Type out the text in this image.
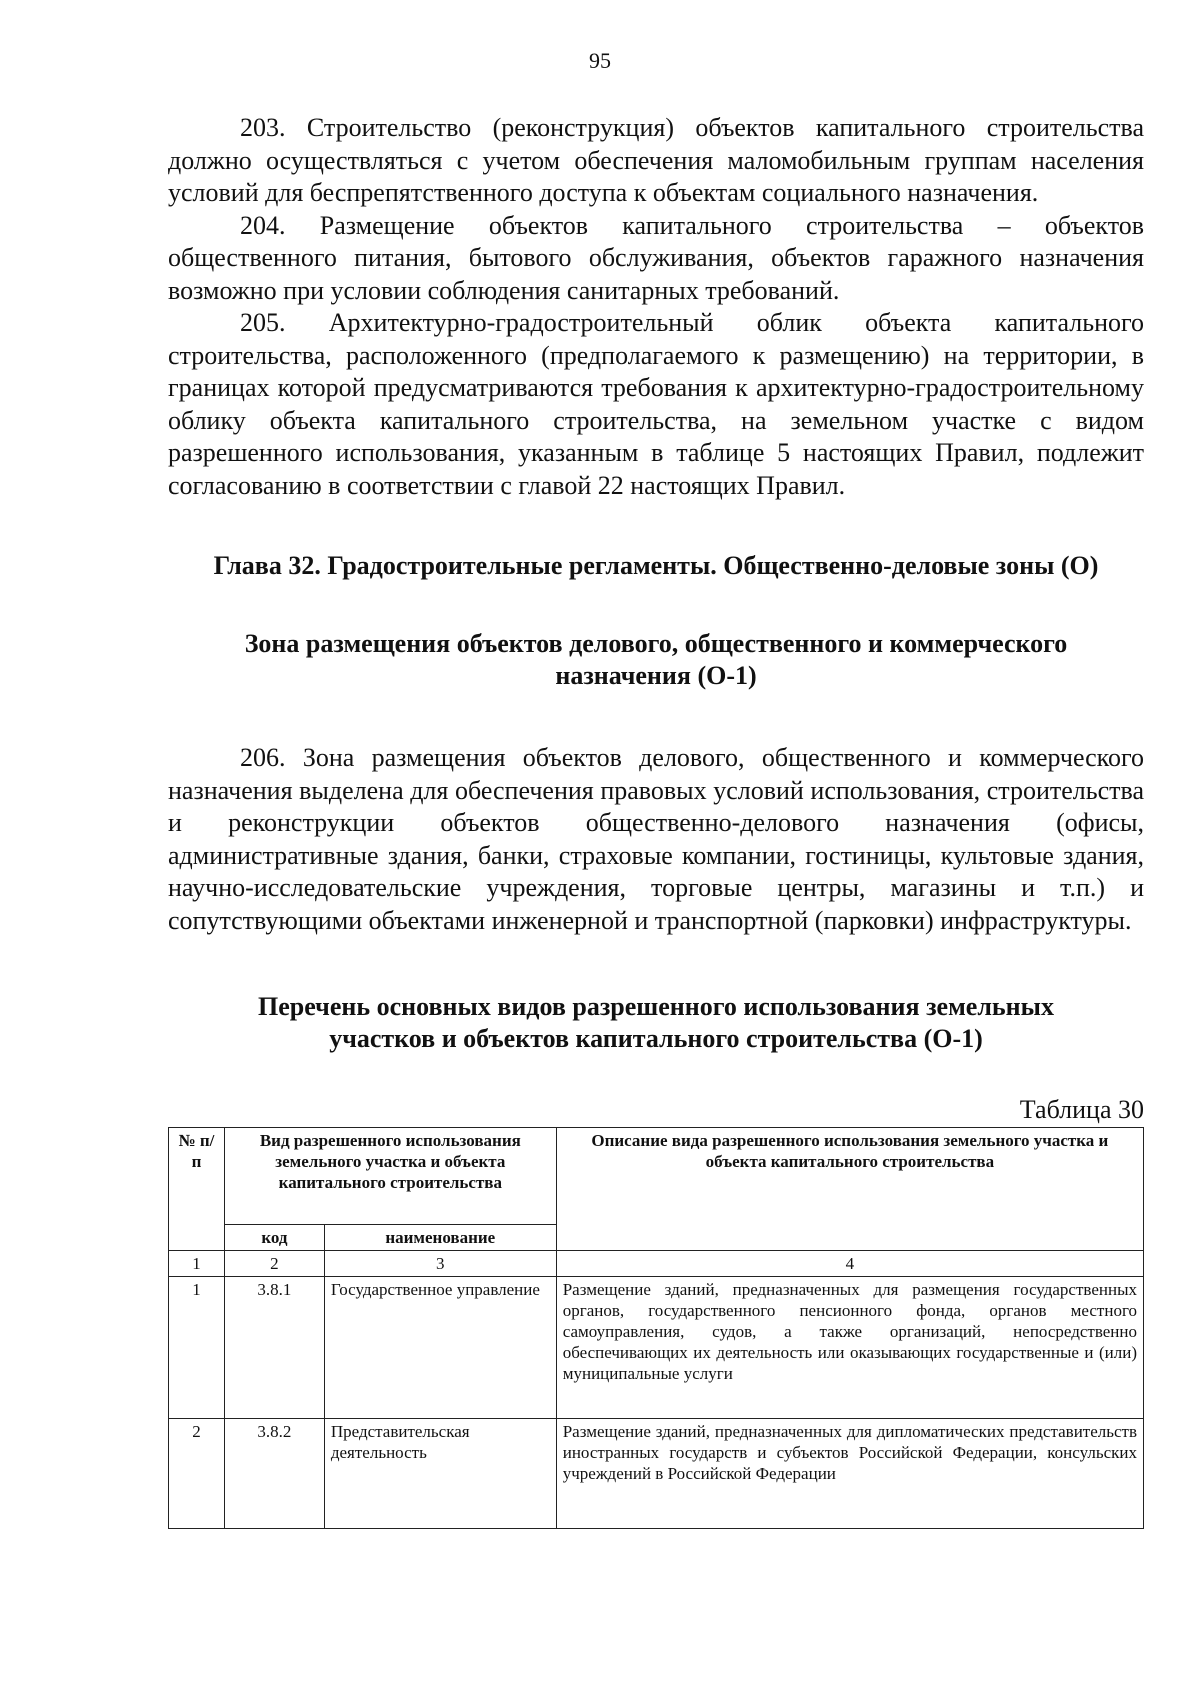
95

203. Строительство (реконструкция) объектов капитального строительства должно осуществляться с учетом обеспечения маломобильным группам населения условий для беспрепятственного доступа к объектам социального назначения.

204. Размещение объектов капитального строительства – объектов общественного питания, бытового обслуживания, объектов гаражного назначения возможно при условии соблюдения санитарных требований.

205. Архитектурно-градостроительный облик объекта капитального строительства, расположенного (предполагаемого к размещению) на территории, в границах которой предусматриваются требования к архитектурно-градостроительному облику объекта капитального строительства, на земельном участке с видом разрешенного использования, указанным в таблице 5 настоящих Правил, подлежит согласованию в соответствии с главой 22 настоящих Правил.

Глава 32. Градостроительные регламенты. Общественно-деловые зоны (О)
Зона размещения объектов делового, общественного и коммерческого
назначения (О-1)

206. Зона размещения объектов делового, общественного и коммерческого назначения выделена для обеспечения правовых условий использования, строительства и реконструкции объектов общественно-делового назначения (офисы, административные здания, банки, страховые компании, гостиницы, культовые здания, научно-исследовательские учреждения, торговые центры, магазины и т.п.) и сопутствующими объектами инженерной и транспортной (парковки) инфраструктуры.

Перечень основных видов разрешенного использования земельных
участков и объектов капитального строительства (О-1)
Таблица 30
№ п/п	Вид разрешенного использования земельного участка и объекта капитального строительства		Описание вида разрешенного использования земельного участка и объекта капитального строительства
	код	наименование	
1	2	3	4
1	3.8.1	Государственное управление	Размещение зданий, предназначенных для размещения государственных органов, государственного пенсионного фонда, органов местного самоуправления, судов, а также организаций, непосредственно обеспечивающих их деятельность или оказывающих государственные и (или) муниципальные услуги
2	3.8.2	Представительская деятельность	Размещение зданий, предназначенных для дипломатических представительств иностранных государств и субъектов Российской Федерации, консульских учреждений в Российской Федерации
